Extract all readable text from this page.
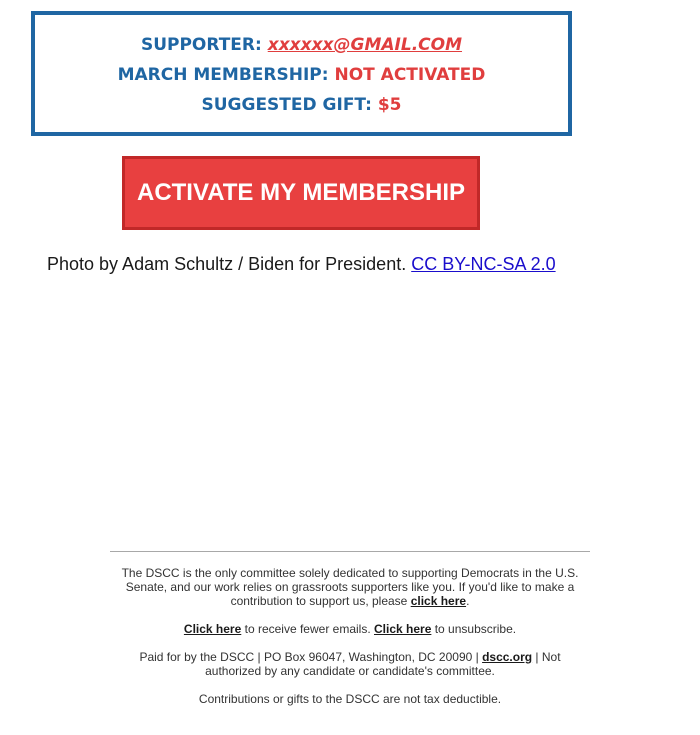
SUPPORTER: xxxxxx@GMAIL.COM
MARCH MEMBERSHIP: NOT ACTIVATED
SUGGESTED GIFT: $5
ACTIVATE MY MEMBERSHIP
Photo by Adam Schultz / Biden for President. CC BY-NC-SA 2.0
The DSCC is the only committee solely dedicated to supporting Democrats in the U.S. Senate, and our work relies on grassroots supporters like you. If you'd like to make a contribution to support us, please click here.
Click here to receive fewer emails. Click here to unsubscribe.
Paid for by the DSCC | PO Box 96047, Washington, DC 20090 | dscc.org | Not authorized by any candidate or candidate's committee.
Contributions or gifts to the DSCC are not tax deductible.
